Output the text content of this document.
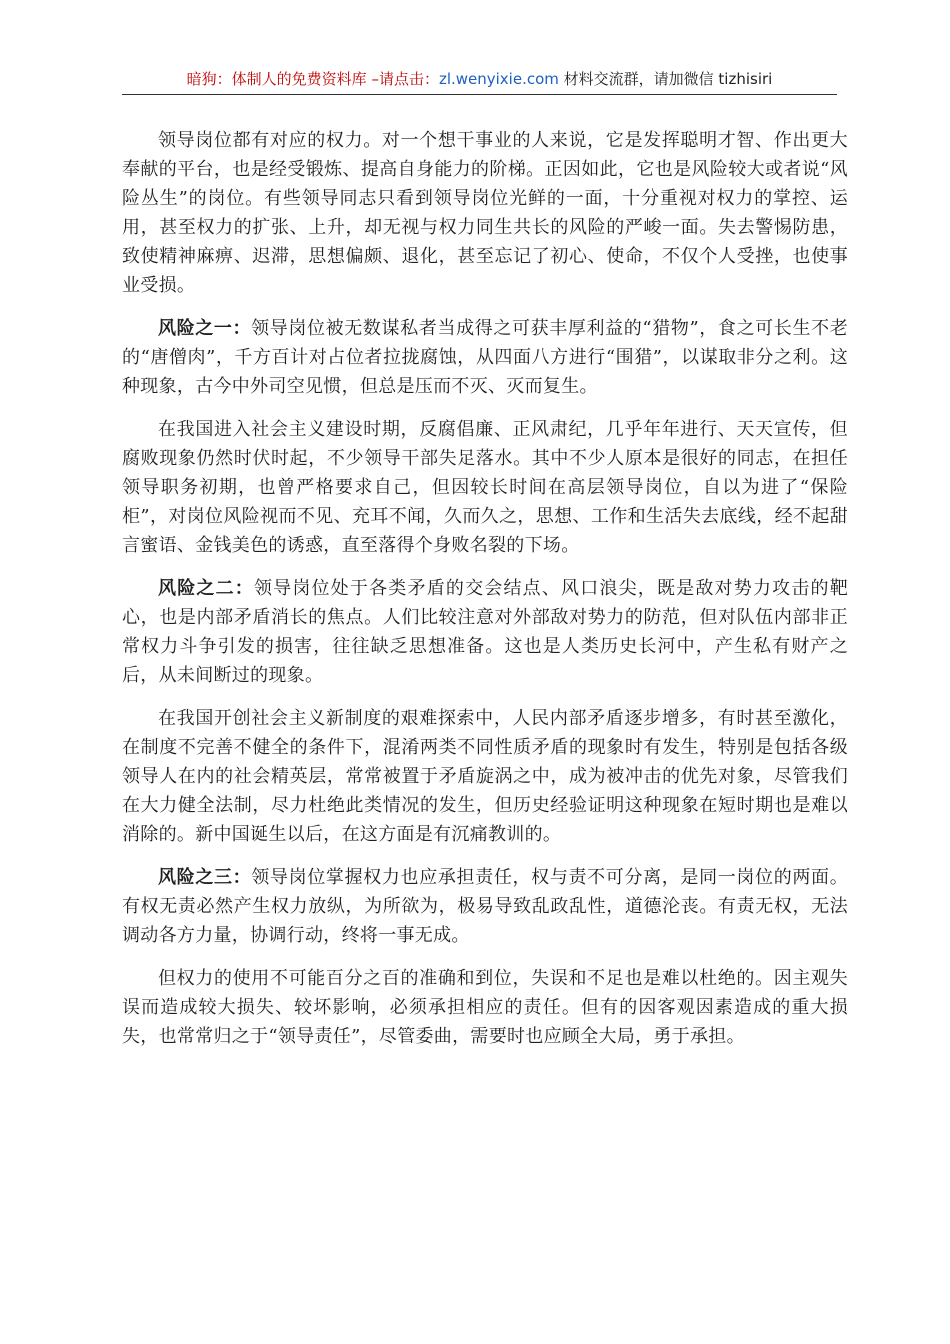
暗狗：体制人的免费资料库 –请点击：zl.wenyixie.com 材料交流群，请加微信 tizhisiri

领导岗位都有对应的权力。对一个想干事业的人来说，它是发挥聪明才智、作出更大奉献的平台，也是经受锻炼、提高自身能力的阶梯。正因如此，它也是风险较大或者说“风险丛生”的岗位。有些领导同志只看到领导岗位光鲜的一面，十分重视对权力的掌控、运用，甚至权力的扩张、上升，却无视与权力同生共长的风险的严峻一面。失去警惕防患，致使精神麻痹、迟滞，思想偏颇、退化，甚至忘记了初心、使命，不仅个人受挫，也使事业受损。

风险之一：领导岗位被无数谋私者当成得之可获丰厚利益的“猎物”，食之可长生不老的“唐僧肉”，千方百计对占位者拉拢腐蚀，从四面八方进行“围猎”，以谋取非分之利。这种现象，古今中外司空见惯，但总是压而不灭、灭而复生。

在我国进入社会主义建设时期，反腐倡廉、正风肃纪，几乎年年进行、天天宣传，但腐败现象仍然时伏时起，不少领导干部失足落水。其中不少人原本是很好的同志，在担任领导职务初期，也曾严格要求自己，但因较长时间在高层领导岗位，自以为进了“保险柜”，对岗位风险视而不见、充耳不闻，久而久之，思想、工作和生活失去底线，经不起甜言蜜语、金钱美色的诱惑，直至落得个身败名裂的下场。

风险之二：领导岗位处于各类矛盾的交会结点、风口浪尖，既是敌对势力攻击的靶心，也是内部矛盾消长的焦点。人们比较注意对外部敌对势力的防范，但对队伍内部非正常权力斗争引发的损害，往往缺乏思想准备。这也是人类历史长河中，产生私有财产之后，从未间断过的现象。

在我国开创社会主义新制度的艰难探索中，人民内部矛盾逐步增多，有时甚至激化，在制度不完善不健全的条件下，混淆两类不同性质矛盾的现象时有发生，特别是包括各级领导人在内的社会精英层，常常被置于矛盾旋涡之中，成为被冲击的优先对象，尽管我们在大力健全法制，尽力杜绝此类情况的发生，但历史经验证明这种现象在短时期也是难以消除的。新中国诞生以后，在这方面是有沉痛教训的。

风险之三：领导岗位掌握权力也应承担责任，权与责不可分离，是同一岗位的两面。有权无责必然产生权力放纵，为所欲为，极易导致乱政乱性，道德沦丧。有责无权，无法调动各方力量，协调行动，终将一事无成。

但权力的使用不可能百分之百的准确和到位，失误和不足也是难以杜绝的。因主观失误而造成较大损失、较坏影响，必须承担相应的责任。但有的因客观因素造成的重大损失，也常常归之于“领导责任”，尽管委曲，需要时也应顾全大局，勇于承担。
